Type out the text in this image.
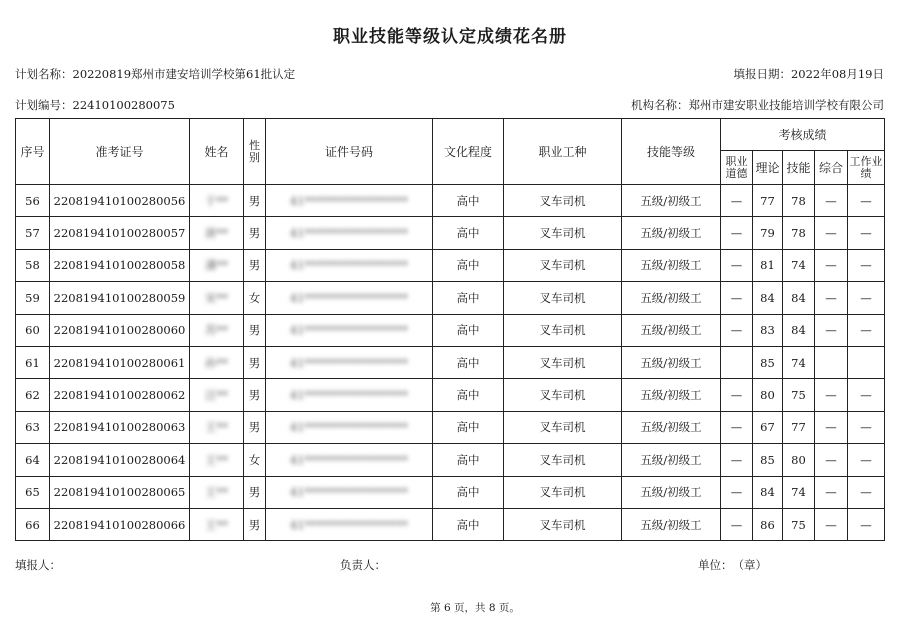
职业技能等级认定成绩花名册
计划名称：20220819郑州市建安培训学校第61批认定	填报日期：2022年08月19日
计划编号：22410100280075	机构名称：郑州市建安职业技能培训学校有限公司
序号	准考证号	姓名	性别	证件号码	文化程度	职业工种	技能等级	考核成绩				
								职业道德	理论	技能	综合	工作业绩
56	220819410100280056	于**	男	41******************	高中	叉车司机	五级/初级工	—	77	78	—	—
57	220819410100280057	唐**	男	41******************	高中	叉车司机	五级/初级工	—	79	78	—	—
58	220819410100280058	潘**	男	41******************	高中	叉车司机	五级/初级工	—	81	74	—	—
59	220819410100280059	宋**	女	41******************	高中	叉车司机	五级/初级工	—	84	84	—	—
60	220819410100280060	苏**	男	41******************	高中	叉车司机	五级/初级工	—	83	84	—	—
61	220819410100280061	孙**	男	41******************	高中	叉车司机	五级/初级工		85	74		
62	220819410100280062	汪**	男	41******************	高中	叉车司机	五级/初级工	—	80	75	—	—
63	220819410100280063	王**	男	41******************	高中	叉车司机	五级/初级工	—	67	77	—	—
64	220819410100280064	王**	女	41******************	高中	叉车司机	五级/初级工	—	85	80	—	—
65	220819410100280065	王**	男	41******************	高中	叉车司机	五级/初级工	—	84	74	—	—
66	220819410100280066	王**	男	41******************	高中	叉车司机	五级/初级工	—	86	75	—	—
填报人：	负责人：	单位：　（章）
第 6 页，共 8 页。
